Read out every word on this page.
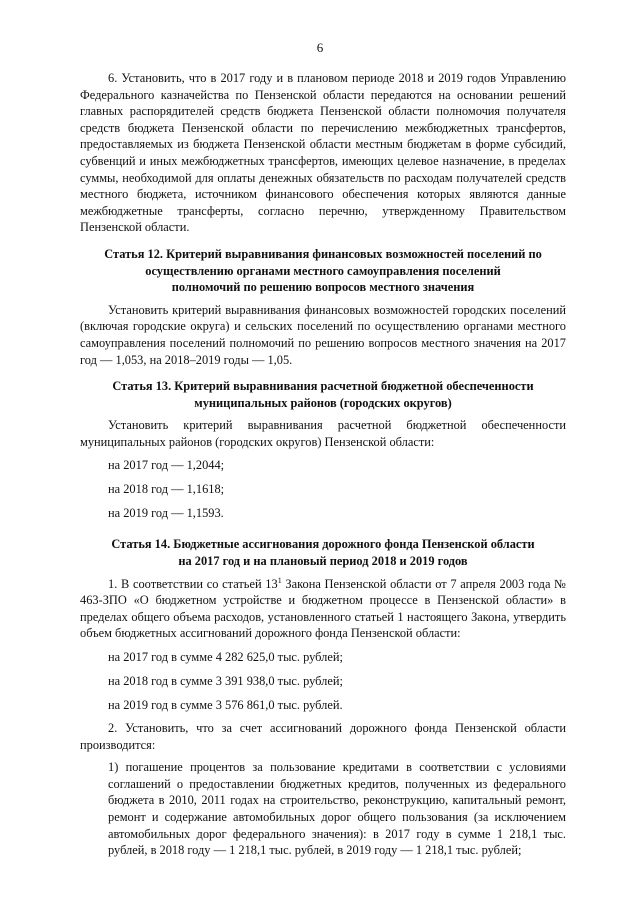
6

6. Установить, что в 2017 году и в плановом периоде 2018 и 2019 годов Управлению Федерального казначейства по Пензенской области передаются на основании решений главных распорядителей средств бюджета Пензенской области полномочия получателя средств бюджета Пензенской области по перечислению межбюджетных трансфертов, предоставляемых из бюджета Пензенской области местным бюджетам в форме субсидий, субвенций и иных межбюджетных трансфертов, имеющих целевое назначение, в пределах суммы, необходимой для оплаты денежных обязательств по расходам получателей средств местного бюджета, источником финансового обеспечения которых являются данные межбюджетные трансферты, согласно перечню, утвержденному Правительством Пензенской области.

Статья 12. Критерий выравнивания финансовых возможностей поселений по
осуществлению органами местного самоуправления поселений
полномочий по решению вопросов местного значения

Установить критерий выравнивания финансовых возможностей городских поселений (включая городские округа) и сельских поселений по осуществлению органами местного самоуправления поселений полномочий по решению вопросов местного значения на 2017 год — 1,053, на 2018–2019 годы — 1,05.

Статья 13. Критерий выравнивания расчетной бюджетной обеспеченности
муниципальных районов (городских округов)

Установить критерий выравнивания расчетной бюджетной обеспеченности муниципальных районов (городских округов) Пензенской области:

на 2017 год — 1,2044;

на 2018 год — 1,1618;

на 2019 год — 1,1593.

Статья 14. Бюджетные ассигнования дорожного фонда Пензенской области
на 2017 год и на плановый период 2018 и 2019 годов

1. В соответствии со статьей $13^1$ Закона Пензенской области от 7 апреля 2003 года № 463-ЗПО «О бюджетном устройстве и бюджетном процессе в Пензенской области» в пределах общего объема расходов, установленного статьей 1 настоящего Закона, утвердить объем бюджетных ассигнований дорожного фонда Пензенской области:

на 2017 год в сумме 4 282 625,0 тыс. рублей;

на 2018 год в сумме 3 391 938,0 тыс. рублей;

на 2019 год в сумме 3 576 861,0 тыс. рублей.

2. Установить, что за счет ассигнований дорожного фонда Пензенской области производится:

1) погашение процентов за пользование кредитами в соответствии с условиями соглашений о предоставлении бюджетных кредитов, полученных из федерального бюджета в 2010, 2011 годах на строительство, реконструкцию, капитальный ремонт, ремонт и содержание автомобильных дорог общего пользования (за исключением автомобильных дорог федерального значения): в 2017 году в сумме 1 218,1 тыс. рублей, в 2018 году — 1 218,1 тыс. рублей, в 2019 году — 1 218,1 тыс. рублей;
